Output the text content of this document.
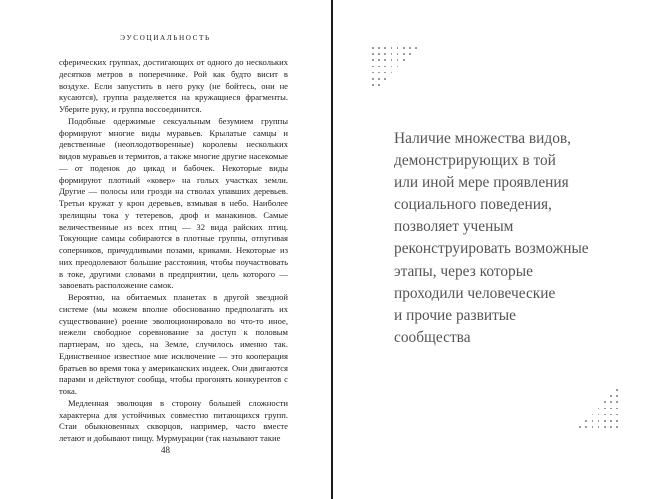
ЭУСОЦИАЛЬНОСТЬ

сферических группах, достигающих от одного до нескольких десятков метров в поперечнике. Рой как будто висит в воздухе. Если запустить в него руку (не бойтесь, они не кусаются), группа разделяется на кружащиеся фрагменты. Уберите руку, и группа воссоединится.

Подобные одержимые сексуальным безумием группы формируют многие виды муравьев. Крылатые самцы и девственные (неоплодотворенные) королевы нескольких видов муравьев и термитов, а также многие другие насекомые — от поденок до цикад и бабочек. Некоторые виды формируют плотный «ковер» на голых участках земли. Другие — полосы или грозди на стволах упавших деревьев. Третьи кружат у крон деревьев, взмывая в небо. Наиболее зрелищны тока у тетеревов, дроф и манакинов. Самые величественные из всех птиц — 32 вида райских птиц. Токующие самцы собираются в плотные группы, отпугивая соперников, причудливыми позами, криками. Некоторые из них преодолевают большие расстояния, чтобы поучаствовать в токе, другими словами в предприятии, цель которого — завоевать расположение самок.

Вероятно, на обитаемых планетах в другой звездной системе (мы можем вполне обоснованно предполагать их существование) роение эволюционировало во что-то иное, нежели свободное соревнование за доступ к половым партнерам, но здесь, на Земле, случилось именно так. Единственное известное мне исключение — это кооперация братьев во время тока у американских индеек. Они двигаются парами и действуют сообща, чтобы прогонять конкурентов с тока.

Медленная эволюция в сторону большей сложности характерна для устойчивых совместно питающихся групп. Стаи обыкновенных скворцов, например, часто вместе летают и добывают пищу. Мурмурации (так называют такие

48
Наличие множества видов,
демонстрирующих в той
или иной мере проявления
социального поведения,
позволяет ученым
реконструировать возможные
этапы, через которые
проходили человеческие
и прочие развитые
сообщества
